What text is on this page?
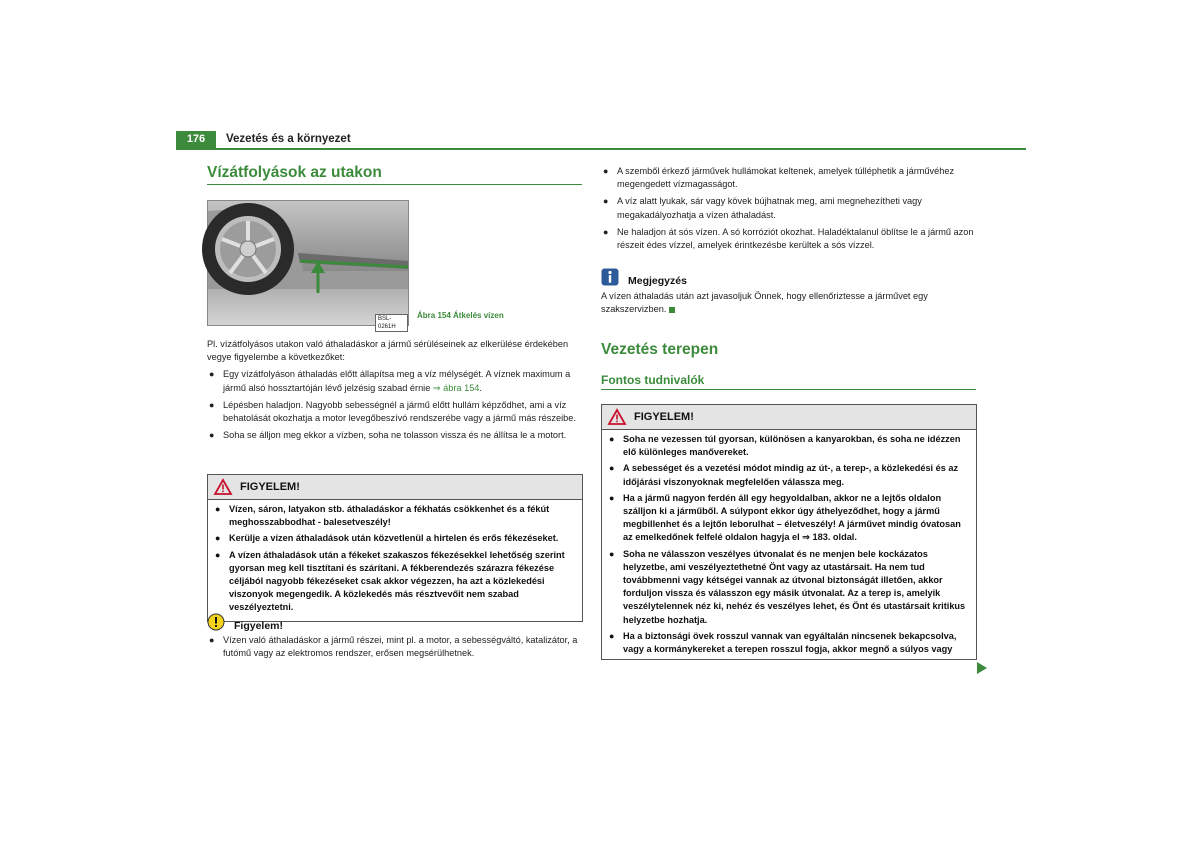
176	Vezetés és a környezet
Vízátfolyások az utakon
BSL-0261H
Ábra 154 Átkelés vízen

Pl. vízátfolyásos utakon való áthaladáskor a jármű sérüléseinek az elkerülése érdekében vegye figyelembe a következőket:

● Egy vízátfolyáson áthaladás előtt állapítsa meg a víz mélységét. A víznek maximum a jármű alsó hossztartóján lévő jelzésig szabad érnie ⇒ ábra 154.
● Lépésben haladjon. Nagyobb sebességnél a jármű előtt hullám képződhet, ami a víz behatolását okozhatja a motor levegőbeszívó rendszerébe vagy a jármű más részeibe.
● Soha se álljon meg ekkor a vízben, soha ne tolasson vissza és ne állítsa le a motort.
FIGYELEM!
● Vízen, sáron, latyakon stb. áthaladáskor a fékhatás csökkenhet és a fékút meghosszabbodhat - balesetveszély!
● Kerülje a vízen áthaladások után közvetlenül a hirtelen és erős fékezéseket.
● A vízen áthaladások után a fékeket szakaszos fékezésekkel lehetőség szerint gyorsan meg kell tisztítani és szárítani. A fékberendezés szárazra fékezése céljából nagyobb fékezéseket csak akkor végezzen, ha azt a közlekedési viszonyok megengedik. A közlekedés más résztvevőit nem szabad veszélyeztetni.
Figyelem!
● Vízen való áthaladáskor a jármű részei, mint pl. a motor, a sebességváltó, katalizátor, a futómű vagy az elektromos rendszer, erősen megsérülhetnek.
● A szemből érkező járművek hullámokat keltenek, amelyek túlléphetik a járművéhez megengedett vízmagasságot.
● A víz alatt lyukak, sár vagy kövek bújhatnak meg, ami megnehezítheti vagy megakadályozhatja a vízen áthaladást.
● Ne haladjon át sós vízen. A só korróziót okozhat. Haladéktalanul öblítse le a jármű azon részeit édes vízzel, amelyek érintkezésbe kerültek a sós vízzel.
Megjegyzés
A vízen áthaladás után azt javasoljuk Önnek, hogy ellenőriztesse a járművet egy szakszervizben.
Vezetés terepen
Fontos tudnivalók
FIGYELEM!
● Soha ne vezessen túl gyorsan, különösen a kanyarokban, és soha ne idézzen elő különleges manővereket.
● A sebességet és a vezetési módot mindig az út-, a terep-, a közlekedési és az időjárási viszonyoknak megfelelően válassza meg.
● Ha a jármű nagyon ferdén áll egy hegyoldalban, akkor ne a lejtős oldalon szálljon ki a járműből. A súlypont ekkor úgy áthelyeződhet, hogy a jármű megbillenhet és a lejtőn leborulhat – életveszély! A járművet mindig óvatosan az emelkedőnek felfelé oldalon hagyja el ⇒ 183. oldal.
● Soha ne válasszon veszélyes útvonalat és ne menjen bele kockázatos helyzetbe, ami veszélyeztethetné Önt vagy az utastársait. Ha nem tud továbbmenni vagy kétségei vannak az útvonal biztonságát illetően, akkor forduljon vissza és válasszon egy másik útvonalat. Az a terep is, amelyik veszélytelennek néz ki, nehéz és veszélyes lehet, és Önt és utastársait kritikus helyzetbe hozhatja.
● Ha a biztonsági övek rosszul vannak van egyáltalán nincsenek bekapcsolva, vagy a kormánykereket a terepen rosszul fogja, akkor megnő a súlyos vagy
